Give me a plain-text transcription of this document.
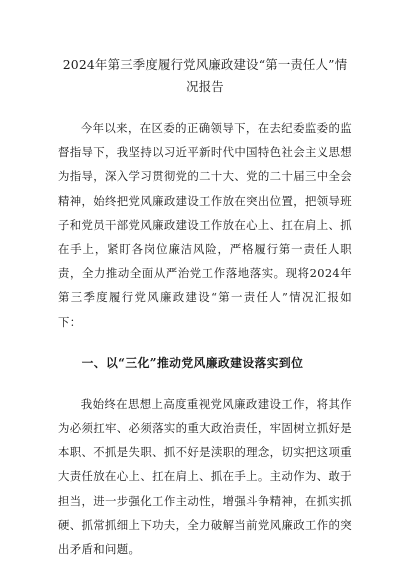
2024年第三季度履行党风廉政建设“第一责任人”情况报告

今年以来，在区委的正确领导下，在去纪委监委的监督指导下，我坚持以习近平新时代中国特色社会主义思想为指导，深入学习贯彻党的二十大、党的二十届三中全会精神，始终把党风廉政建设工作放在突出位置，把领导班子和党员干部党风廉政建设工作放在心上、扛在肩上、抓在手上，紧盯各岗位廉洁风险，严格履行第一责任人职责，全力推动全面从严治党工作落地落实。现将2024年第三季度履行党风廉政建设“第一责任人”情况汇报如下：

一、以“三化”推动党风廉政建设落实到位

我始终在思想上高度重视党风廉政建设工作，将其作为必须扛牢、必须落实的重大政治责任，牢固树立抓好是本职、不抓是失职、抓不好是渎职的理念，切实把这项重大责任放在心上、扛在肩上、抓在手上。主动作为、敢于担当，进一步强化工作主动性，增强斗争精神，在抓实抓硬、抓常抓细上下功夫，全力破解当前党风廉政工作的突出矛盾和问题。
